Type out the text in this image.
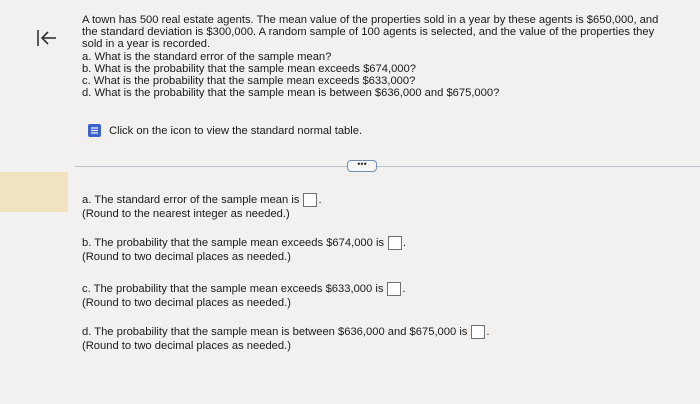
A town has 500 real estate agents. The mean value of the properties sold in a year by these agents is $650,000, and the standard deviation is $300,000. A random sample of 100 agents is selected, and the value of the properties they sold in a year is recorded.

a. What is the standard error of the sample mean?
b. What is the probability that the sample mean exceeds $674,000?
c. What is the probability that the sample mean exceeds $633,000?
d. What is the probability that the sample mean is between $636,000 and $675,000?
Click on the icon to view the standard normal table.
•••
a. The standard error of the sample mean is .
(Round to the nearest integer as needed.)
b. The probability that the sample mean exceeds $674,000 is .
(Round to two decimal places as needed.)
c. The probability that the sample mean exceeds $633,000 is .
(Round to two decimal places as needed.)
d. The probability that the sample mean is between $636,000 and $675,000 is .
(Round to two decimal places as needed.)
